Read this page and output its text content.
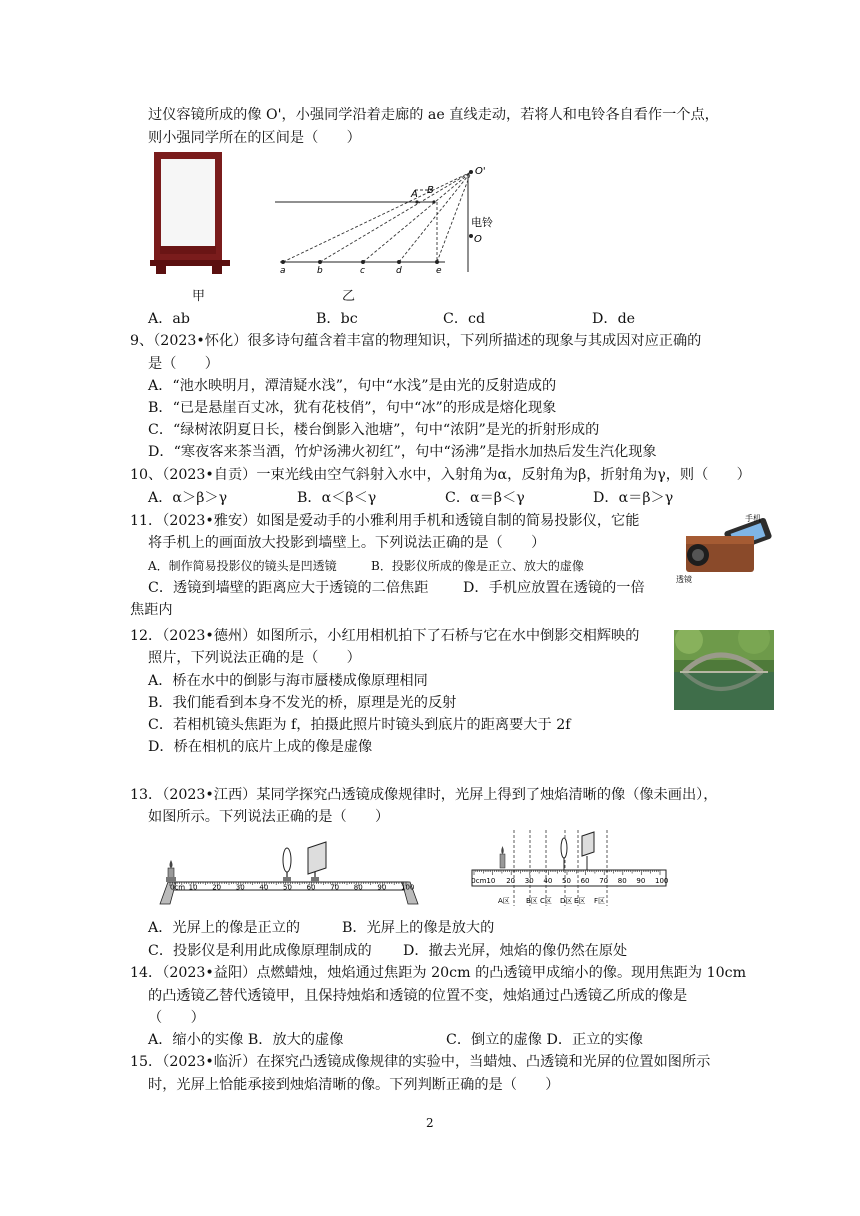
过仪容镜所成的像 O'，小强同学沿着走廊的 ae 直线走动，若将人和电铃各自看作一个点，
则小强同学所在的区间是（　　）
甲
O'
A B
电铃
O
a	b	c	d	e
乙
A．ab	B．bc	C．cd	D．de
9、（2023•怀化）很多诗句蕴含着丰富的物理知识，下列所描述的现象与其成因对应正确的
是（　　）
A．“池水映明月，潭清疑水浅”，句中“水浅”是由光的反射造成的
B．“已是悬崖百丈冰，犹有花枝俏”，句中“冰”的形成是熔化现象
C．“绿树浓阴夏日长，楼台倒影入池塘”，句中“浓阴”是光的折射形成的
D．“寒夜客来茶当酒，竹炉汤沸火初红”，句中“汤沸”是指水加热后发生汽化现象
10、（2023•自贡）一束光线由空气斜射入水中，入射角为α，反射角为β，折射角为γ，则（　　）
A．α＞β＞γ	B．α＜β＜γ	C．α＝β＜γ	D．α＝β＞γ
11．（2023•雅安）如图是爱动手的小雅利用手机和透镜自制的简易投影仪，它能
将手机上的画面放大投影到墙壁上。下列说法正确的是（　　）
A．制作简易投影仪的镜头是凹透镜	B．投影仪所成的像是正立、放大的虚像
C．透镜到墙壁的距离应大于透镜的二倍焦距 D．手机应放置在透镜的一倍
焦距内
手机
透镜
12．（2023•德州）如图所示，小红用相机拍下了石桥与它在水中倒影交相辉映的
照片，下列说法正确的是（　　）
A．桥在水中的倒影与海市蜃楼成像原理相同
B．我们能看到本身不发光的桥，原理是光的反射
C．若相机镜头焦距为 f，拍摄此照片时镜头到底片的距离要大于 2f
D．桥在相机的底片上成的像是虚像
13．（2023•江西）某同学探究凸透镜成像规律时，光屏上得到了烛焰清晰的像（像未画出），
如图所示。下列说法正确的是（　　）
0cm 10 20 30 40 50 60 70 80 90 100
0cm10 20 30 40 50 60 70 80 90 100
A区 B区 C区 D区 E区 F区
A．光屏上的像是正立的	B．光屏上的像是放大的
C．投影仪是利用此成像原理制成的 D．撤去光屏，烛焰的像仍然在原处
14．（2023•益阳）点燃蜡烛，烛焰通过焦距为 20cm 的凸透镜甲成缩小的像。现用焦距为 10cm
的凸透镜乙替代透镜甲，且保持烛焰和透镜的位置不变，烛焰通过凸透镜乙所成的像是
（　　）
A．缩小的实像 B．放大的虚像	C．倒立的虚像 D．正立的实像
15．（2023•临沂）在探究凸透镜成像规律的实验中，当蜡烛、凸透镜和光屏的位置如图所示
时，光屏上恰能承接到烛焰清晰的像。下列判断正确的是（　　）
2
